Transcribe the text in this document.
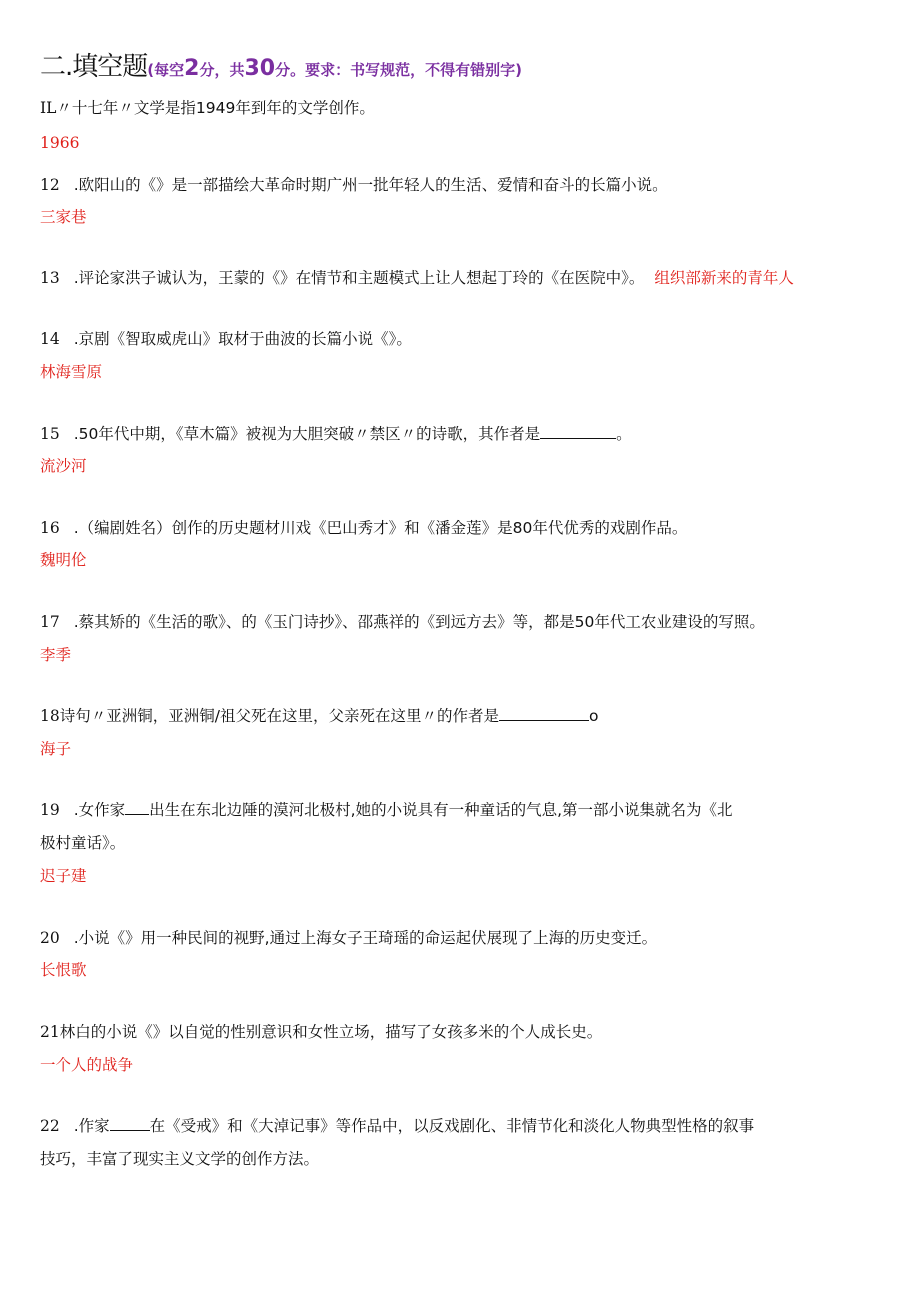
二.填空题(每空2分，共30分。要求：书写规范，不得有错别字)
IL〃十七年〃文学是指1949年到年的文学创作。
1966
12 .欧阳山的《》是一部描绘大革命时期广州一批年轻人的生活、爱情和奋斗的长篇小说。
三家巷
13 .评论家洪子诚认为，王蒙的《》在情节和主题模式上让人想起丁玲的《在医院中》。 组织部新来的青年人
14 .京剧《智取威虎山》取材于曲波的长篇小说《》。
林海雪原
15 .50年代中期，《草木篇》被视为大胆突破〃禁区〃的诗歌，其作者是	。
流沙河
16 .（编剧姓名）创作的历史题材川戏《巴山秀才》和《潘金莲》是80年代优秀的戏剧作品。
魏明伦
17 .蔡其矫的《生活的歌》、的《玉门诗抄》、邵燕祥的《到远方去》等，都是50年代工农业建设的写照。
李季
18诗句〃亚洲铜，亚洲铜/祖父死在这里，父亲死在这里〃的作者是	o
海子
19 .女作家 出生在东北边陲的漠河北极村,她的小说具有一种童话的气息,第一部小说集就名为《北
极村童话》。
迟子建
20 .小说《》用一种民间的视野,通过上海女子王琦瑶的命运起伏展现了上海的历史变迁。
长恨歌
21林白的小说《》以自觉的性别意识和女性立场，描写了女孩多米的个人成长史。
一个人的战争
22 .作家	在《受戒》和《大淖记事》等作品中，以反戏剧化、非情节化和淡化人物典型性格的叙事
技巧，丰富了现实主义文学的创作方法。
